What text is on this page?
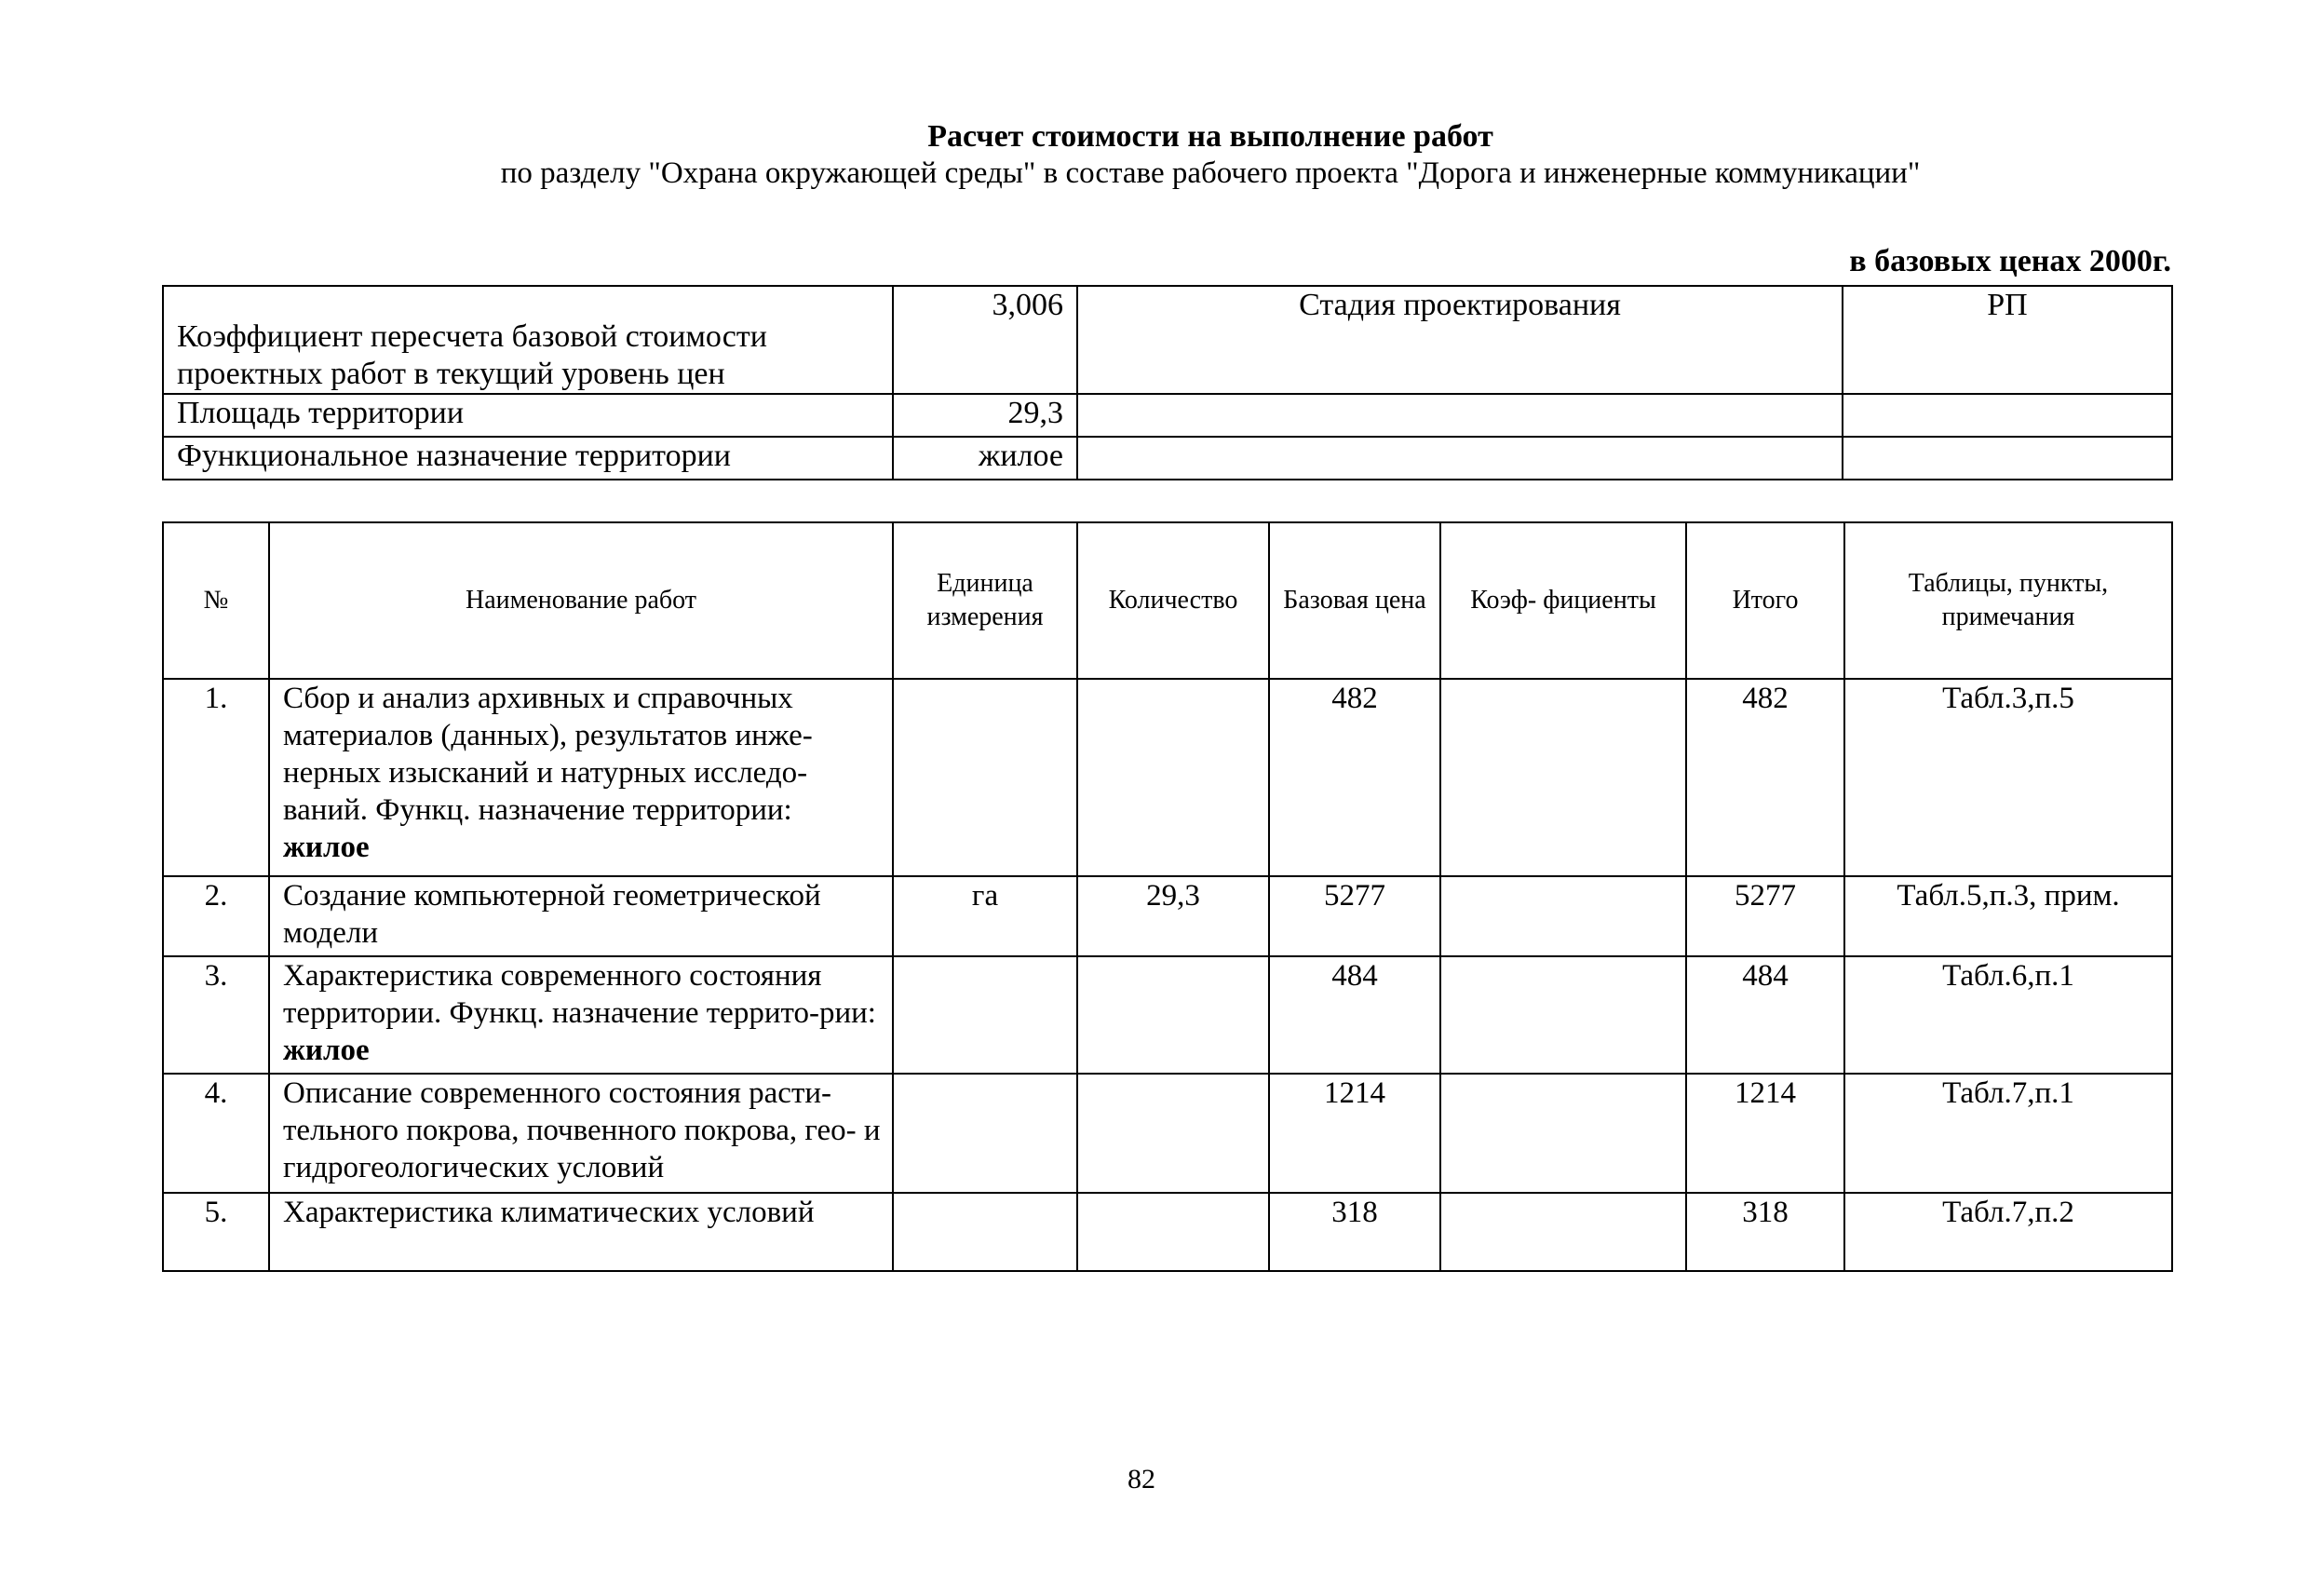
Расчет стоимости на выполнение работ
по разделу "Охрана окружающей среды" в составе рабочего проекта "Дорога и инженерные коммуникации"
в базовых ценах 2000г.
Коэффициент пересчета базовой стоимости проектных работ в текущий уровень цен	3,006	Стадия проектирования	РП
Площадь территории	29,3		
Функциональное назначение территории	жилое		
№	Наименование работ	Единица измерения	Количество	Базовая цена	Коэф- фициенты	Итого	Таблицы, пункты, примечания
1.	Сбор и анализ архивных и справочных материалов (данных), результатов инже-нерных изысканий и натурных исследо-ваний. Функц. назначение территории: жилое			482		482	Табл.3,п.5
2.	Создание компьютерной геометрической модели	га	29,3	5277		5277	Табл.5,п.3, прим.
3.	Характеристика современного состояния территории. Функц. назначение террито-рии: жилое			484		484	Табл.6,п.1
4.	Описание современного состояния расти-тельного покрова, почвенного покрова, гео- и гидрогеологических условий			1214		1214	Табл.7,п.1
5.	Характеристика климатических условий			318		318	Табл.7,п.2
82
